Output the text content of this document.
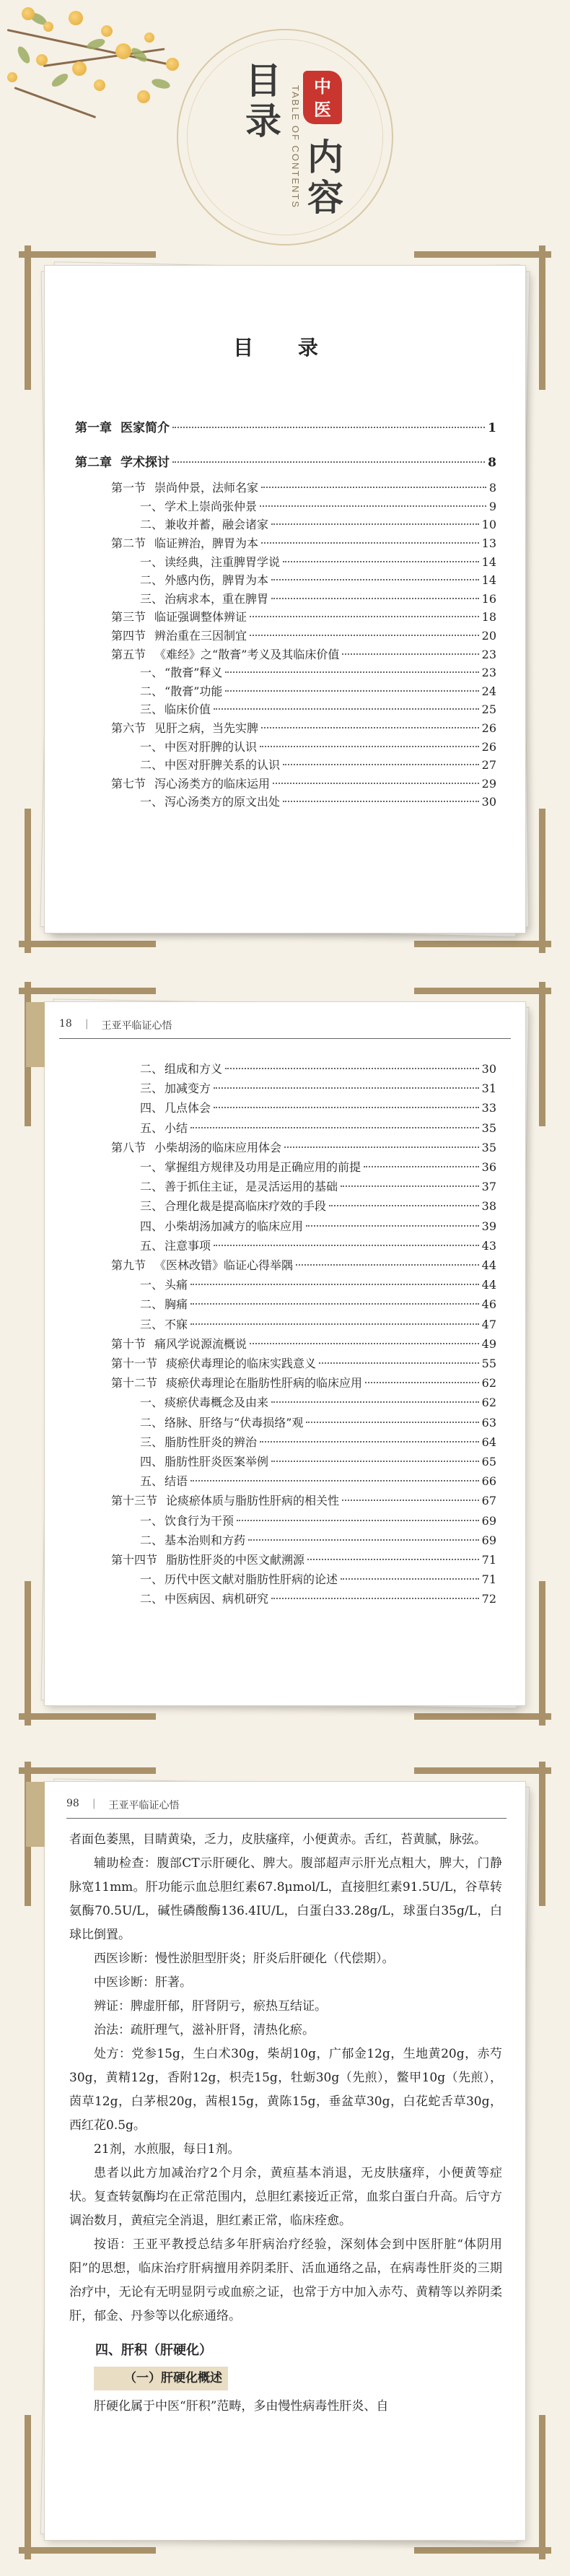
目录 TABLE OF CONTENTS 中
医
内容
目 录
第一章 医家简介	1
第二章 学术探讨	8
第一节 崇尚仲景，法师名家	8
一、 学术上崇尚张仲景	9
二、 兼收并蓄，融会诸家	10
第二节 临证辨治，脾胃为本	13
一、 读经典，注重脾胃学说	14
二、 外感内伤，脾胃为本	14
三、 治病求本，重在脾胃	16
第三节 临证强调整体辨证	18
第四节 辨治重在三因制宜	20
第五节 《难经》之“散膏”考义及其临床价值	23
一、 “散膏”释义	23
二、 “散膏”功能	24
三、 临床价值	25
第六节 见肝之病，当先实脾	26
一、 中医对肝脾的认识	26
二、 中医对肝脾关系的认识	27
第七节 泻心汤类方的临床运用	29
一、 泻心汤类方的原文出处	30
18 | 王亚平临证心悟
二、 组成和方义	30
三、 加减变方	31
四、 几点体会	33
五、 小结	35
第八节 小柴胡汤的临床应用体会	35
一、 掌握组方规律及功用是正确应用的前提	36
二、 善于抓住主证，是灵活运用的基础	37
三、 合理化裁是提高临床疗效的手段	38
四、 小柴胡汤加减方的临床应用	39
五、 注意事项	43
第九节 《医林改错》临证心得举隅	44
一、 头痛	44
二、 胸痛	46
三、 不寐	47
第十节 痛风学说源流概说	49
第十一节 痰瘀伏毒理论的临床实践意义	55
第十二节 痰瘀伏毒理论在脂肪性肝病的临床应用	62
一、 痰瘀伏毒概念及由来	62
二、 络脉、肝络与“伏毒损络”观	63
三、 脂肪性肝炎的辨治	64
四、 脂肪性肝炎医案举例	65
五、 结语	66
第十三节 论痰瘀体质与脂肪性肝病的相关性	67
一、 饮食行为干预	69
二、 基本治则和方药	69
第十四节 脂肪性肝炎的中医文献溯源	71
一、 历代中医文献对脂肪性肝病的论述	71
二、 中医病因、病机研究	72
98 | 王亚平临证心悟

者面色萎黑，目睛黄染，乏力，皮肤瘙痒，小便黄赤。舌红，苔黄腻，脉弦。

辅助检查：腹部CT示肝硬化、脾大。腹部超声示肝光点粗大，脾大，门静脉宽11mm。肝功能示血总胆红素67.8μmol/L，直接胆红素91.5U/L，谷草转氨酶70.5U/L，碱性磷酸酶136.4IU/L，白蛋白33.28g/L，球蛋白35g/L，白球比倒置。

西医诊断：慢性淤胆型肝炎；肝炎后肝硬化（代偿期）。

中医诊断：肝著。

辨证：脾虚肝郁，肝肾阴亏，瘀热互结证。

治法：疏肝理气，滋补肝肾，清热化瘀。

处方：党参15g，生白术30g，柴胡10g，广郁金12g，生地黄20g，赤芍30g，黄精12g，香附12g，枳壳15g，牡蛎30g（先煎），鳖甲10g（先煎），茵草12g，白茅根20g，茜根15g，黄陈15g，垂盆草30g，白花蛇舌草30g，西红花0.5g。

21剂，水煎服，每日1剂。

患者以此方加减治疗2个月余，黄疸基本消退，无皮肤瘙痒，小便黄等症状。复查转氨酶均在正常范围内，总胆红素接近正常，血浆白蛋白升高。后守方调治数月，黄疸完全消退，胆红素正常，临床痊愈。

按语：王亚平教授总结多年肝病治疗经验，深刻体会到中医肝脏“体阴用阳”的思想，临床治疗肝病擅用养阴柔肝、活血通络之品，在病毒性肝炎的三期治疗中，无论有无明显阴亏或血瘀之证，也常于方中加入赤芍、黄精等以养阴柔肝，郁金、丹参等以化瘀通络。

四、肝积（肝硬化）

（一）肝硬化概述

肝硬化属于中医“肝积”范畴，多由慢性病毒性肝炎、自
